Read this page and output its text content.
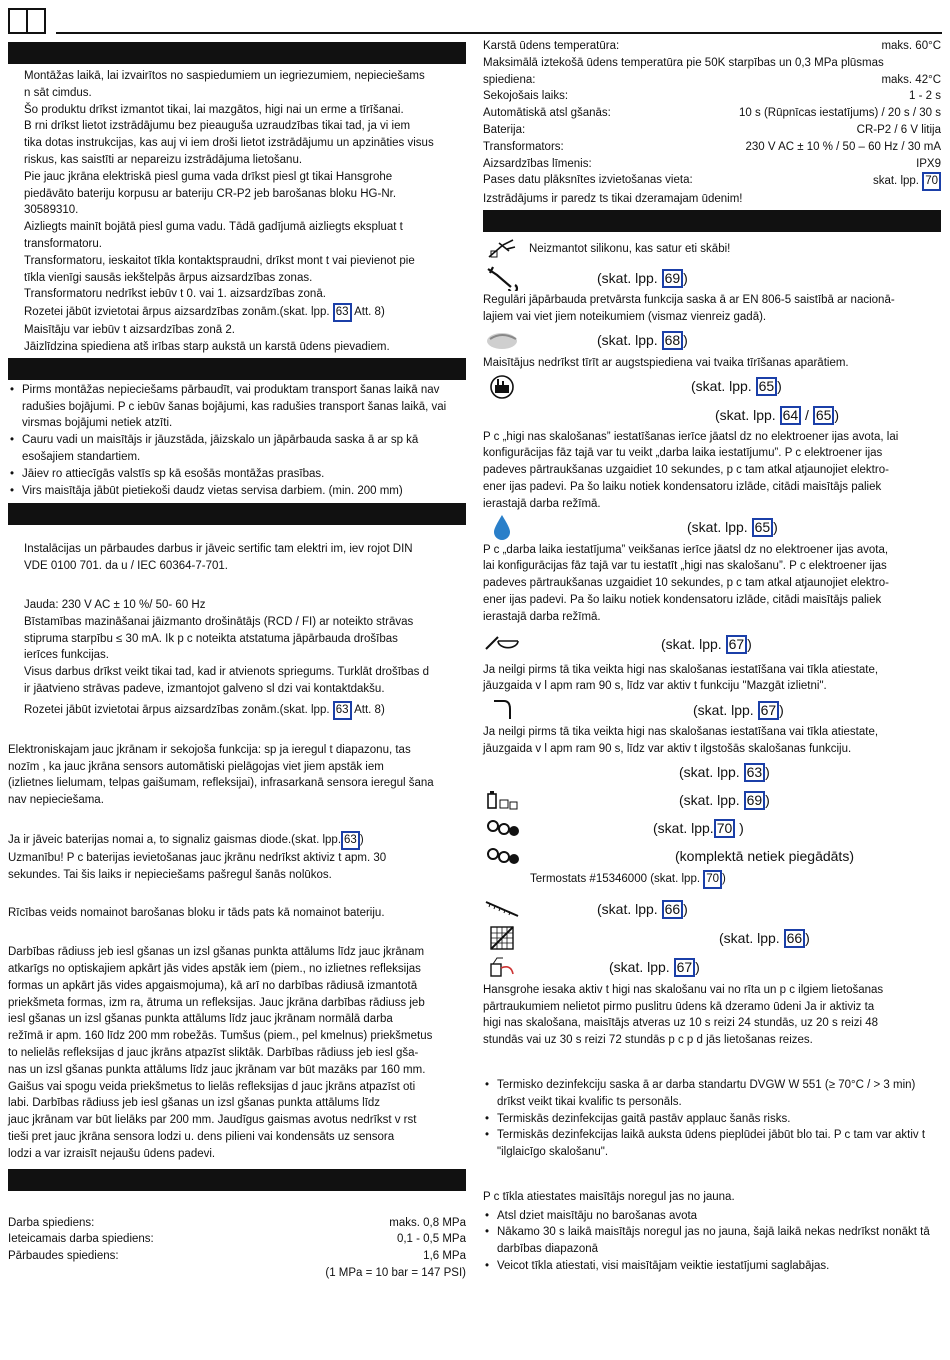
Montāžas laikā, lai izvairītos no saspiedumiem un iegriezumiem, nepieciešams
n sāt cimdus.
Šo produktu drīkst izmantot tikai, lai mazgātos, higi nai un erme a tīrīšanai.
B rni drīkst lietot izstrādājumu bez pieauguša uzraudzības tikai tad, ja vi iem
tika dotas instrukcijas, kas auj vi iem droši lietot izstrādājumu un apzināties visus
riskus, kas saistīti ar nepareizu izstrādājuma lietošanu.
Pie jauc jkrāna elektriskā piesl guma vada drīkst piesl gt tikai Hansgrohe
piedāvāto bateriju korpusu ar bateriju CR-P2 jeb barošanas bloku HG-Nr.
30589310.
Aizliegts mainīt bojātā piesl guma vadu. Tādā gadījumā aizliegts ekspluat t
transformatoru.
Transformatoru, ieskaitot tīkla kontaktspraudni, drīkst mont t vai pievienot pie
tīkla vienīgi sausās iekštelpās ārpus aizsardzības zonas.
Transformatoru nedrīkst iebūv t 0. vai 1. aizsardzības zonā.
Rozetei jābūt izvietotai ārpus aizsardzības zonām.(skat. lpp. 63 Att. 8)
Maisītāju var iebūv t aizsardzības zonā 2.
Jāizlīdzina spiediena atš irības starp aukstā un karstā ūdens pievadiem.
• Pirms montāžas nepieciešams pārbaudīt, vai produktam transport šanas laikā nav radušies bojājumi. P c iebūv šanas bojājumi, kas radušies transport šanas laikā, vai virsmas bojājumi netiek atzīti.
• Cauru vadi un maisītājs ir jāuzstāda, jāizskalo un jāpārbauda saska ā ar sp kā esošajiem standartiem.
• Jāiev ro attiecīgās valstīs sp kā esošās montāžas prasības.
• Virs maisītāja jābūt pietiekoši daudz vietas servisa darbiem. (min. 200 mm)
Instalācijas un pārbaudes darbus ir jāveic sertific tam elektri im, iev rojot DIN
VDE 0100 701. da u / IEC 60364-7-701.
Jauda: 230 V AC ± 10 %/ 50- 60 Hz
Bīstamības mazināšanai jāizmanto drošinātājs (RCD / FI) ar noteikto strāvas
stipruma starpību ≤ 30 mA. Ik p c noteikta atstatuma jāpārbauda drošības
ierīces funkcijas.
Visus darbus drīkst veikt tikai tad, kad ir atvienots spriegums. Turklāt drošības d
ir jāatvieno strāvas padeve, izmantojot galveno sl dzi vai kontaktdakšu.
Rozetei jābūt izvietotai ārpus aizsardzības zonām.(skat. lpp. 63 Att. 8)
Elektroniskajam jauc jkrānam ir sekojoša funkcija: sp ja ieregul t diapazonu, tas
nozīm , ka jauc jkrāna sensors automātiski pielāgojas viet jiem apstāk iem
(izlietnes lielumam, telpas gaišumam, refleksijai), infrasarkanā sensora ieregul šana
nav nepieciešama.
Ja ir jāveic baterijas nomai a, to signaliz gaismas diode.(skat. lpp. 63 )
Uzmanību! P c baterijas ievietošanas jauc jkrānu nedrīkst aktiviz t apm. 30
sekundes. Tai šis laiks ir nepieciešams pašregul šanās nolūkos.
Rīcības veids nomainot barošanas bloku ir tāds pats kā nomainot bateriju.
Darbības rādiuss jeb iesl gšanas un izsl gšanas punkta attālums līdz jauc jkrānam
atkarīgs no optiskajiem apkārt jās vides apstāk iem (piem., no izlietnes refleksijas
formas un apkārt jās vides apgaismojuma), kā arī no darbības rādiusā izmantotā
priekšmeta formas, izm ra, ātruma un refleksijas. Jauc jkrāna darbības rādiuss jeb
iesl gšanas un izsl gšanas punkta attālums līdz jauc jkrānam normālā darba
režīmā ir apm. 160 līdz 200 mm robežās. Tumšus (piem., pel kmelnus) priekšmetus
to nelielās refleksijas d jauc jkrāns atpazīst sliktāk. Darbības rādiuss jeb iesl gša-
nas un izsl gšanas punkta attālums līdz jauc jkrānam var būt mazāks par 160 mm.
Gaišus vai spogu veida priekšmetus to lielās refleksijas d jauc jkrāns atpazīst oti
labi. Darbības rādiuss jeb iesl gšanas un izsl gšanas punkta attālums līdz
jauc jkrānam var būt lielāks par 200 mm. Jaudīgus gaismas avotus nedrīkst v rst
tieši pret jauc jkrāna sensora lodzi u. dens pilieni vai kondensāts uz sensora
lodzi a var izraisīt nejaušu ūdens padevi.
Darba spiediens:	maks. 0,8 MPa
Ieteicamais darba spiediens:	0,1 - 0,5 MPa
Pārbaudes spiediens:	1,6 MPa
(1 MPa = 10 bar = 147 PSI)
Karstā ūdens temperatūra:	maks. 60°C
Maksimālā iztekošā ūdens temperatūra pie 50K starpības un 0,3 MPa plūsmas
spiediena:	maks. 42°C
Sekojošais laiks:	1 - 2 s
Automātiskā atsl gšanās:	10 s (Rūpnīcas iestatījums) / 20 s / 30 s
Baterija:	CR-P2 / 6 V litija
Transformators:	230 V AC ± 10 % / 50 – 60 Hz / 30 mA
Aizsardzības līmenis:	IPX9
Pases datu plāksnītes izvietošanas vieta:	skat. lpp. 70
Izstrādājums ir paredz ts tikai dzeramajam ūdenim!
Neizmantot silikonu, kas satur eti skābi!
(skat. lpp. 69 )
Regulāri jāpārbauda pretvārsta funkcija saska ā ar EN 806-5 saistībā ar nacionā-
lajiem vai viet jiem noteikumiem (vismaz vienreiz gadā).
(skat. lpp. 68 )
Maisītājus nedrīkst tīrīt ar augstspiediena vai tvaika tīrīšanas aparātiem.
(skat. lpp. 65 )
(skat. lpp. 64 / 65 )
P c „higi nas skalošanas” iestatīšanas ierīce jāatsl dz no elektroener ijas avota, lai
konfigurācijas fāz tajā var tu veikt „darba laika iestatījumu”. P c elektroener ijas
padeves pārtraukšanas uzgaidiet 10 sekundes, p c tam atkal atjaunojiet elektro-
ener ijas padevi. Pa šo laiku notiek kondensatoru izlāde, citādi maisītājs paliek
ierastajā darba režīmā.
(skat. lpp. 65 )
P c „darba laika iestatījuma” veikšanas ierīce jāatsl dz no elektroener ijas avota,
lai konfigurācijas fāz tajā var tu iestatīt „higi nas skalošanu”. P c elektroener ijas
padeves pārtraukšanas uzgaidiet 10 sekundes, p c tam atkal atjaunojiet elektro-
ener ijas padevi. Pa šo laiku notiek kondensatoru izlāde, citādi maisītājs paliek
ierastajā darba režīmā.
(skat. lpp. 67 )
Ja neilgi pirms tā tika veikta higi nas skalošanas iestatīšana vai tīkla atiestate,
jāuzgaida v l apm ram 90 s, līdz var aktiv t funkciju "Mazgāt izlietni".
(skat. lpp. 67 )
Ja neilgi pirms tā tika veikta higi nas skalošanas iestatīšana vai tīkla atiestate,
jāuzgaida v l apm ram 90 s, līdz var aktiv t ilgstošās skalošanas funkciju.
(skat. lpp. 63 )
(skat. lpp. 69 )
(skat. lpp. 70 )
(komplektā netiek piegādāts)
Termostats #15346000 (skat. lpp. 70 )
(skat. lpp. 66 )
(skat. lpp. 66 )
(skat. lpp. 67 )
Hansgrohe iesaka aktiv t higi nas skalošanu vai no rīta un p c ilgiem lietošanas
pārtraukumiem nelietot pirmo puslitru ūdens kā dzeramo ūdeni Ja ir aktiviz ta
higi nas skalošana, maisītājs atveras uz 10 s reizi 24 stundās, uz 20 s reizi 48
stundās vai uz 30 s reizi 72 stundās p c p d jās lietošanas reizes.
• Termisko dezinfekciju saska ā ar darba standartu DVGW W 551 (≥ 70°C / > 3 min) drīkst veikt tikai kvalific ts personāls.
• Termiskās dezinfekcijas gaitā pastāv applauc šanās risks.
• Termiskās dezinfekcijas laikā auksta ūdens pieplūdei jābūt blo tai. P c tam var aktiv t "ilglaicīgo skalošanu".
P c tīkla atiestates maisītājs noregul jas no jauna.
• Atsl dziet maisītāju no barošanas avota
• Nākamo 30 s laikā maisītājs noregul jas no jauna, šajā laikā nekas nedrīkst nonākt tā darbības diapazonā
• Veicot tīkla atiestati, visi maisītājam veiktie iestatījumi saglabājas.
